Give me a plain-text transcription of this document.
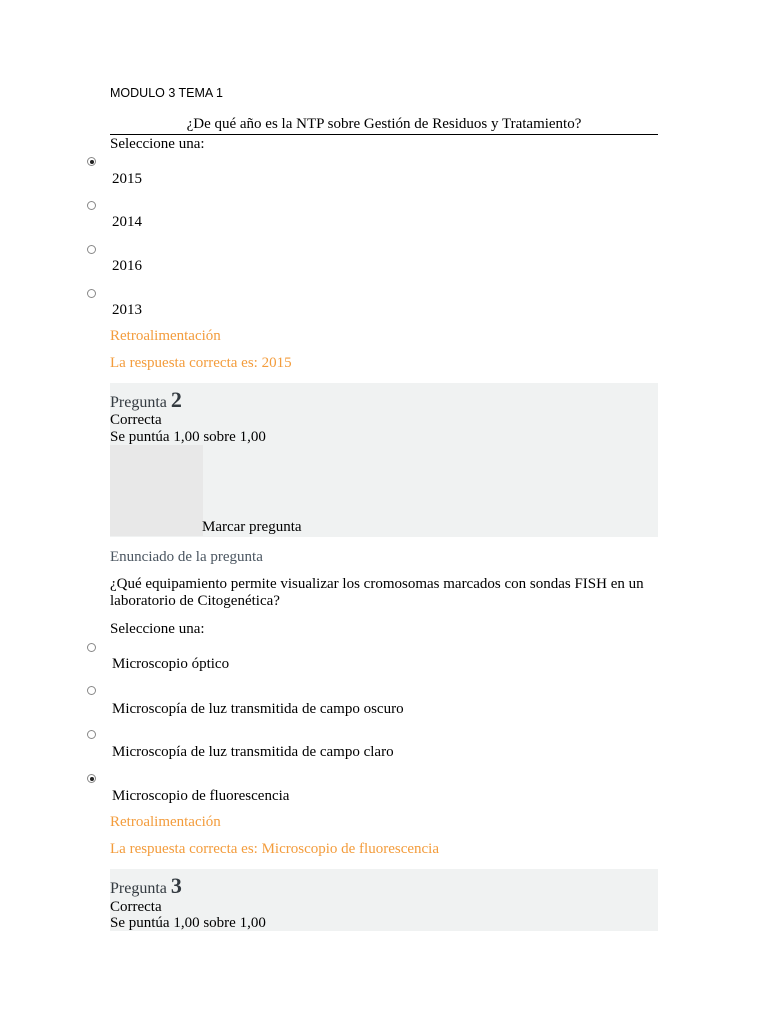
MODULO 3 TEMA 1
¿De qué año es la NTP sobre Gestión de Residuos y Tratamiento?
Seleccione una:
2015
2014
2016
2013
Retroalimentación
La respuesta correcta es: 2015
Pregunta 2
Correcta
Se puntúa 1,00 sobre 1,00
Marcar pregunta
Enunciado de la pregunta
¿Qué equipamiento permite visualizar los cromosomas marcados con sondas FISH en un laboratorio de Citogenética?
Seleccione una:
Microscopio óptico
Microscopía de luz transmitida de campo oscuro
Microscopía de luz transmitida de campo claro
Microscopio de fluorescencia
Retroalimentación
La respuesta correcta es: Microscopio de fluorescencia
Pregunta 3
Correcta
Se puntúa 1,00 sobre 1,00
